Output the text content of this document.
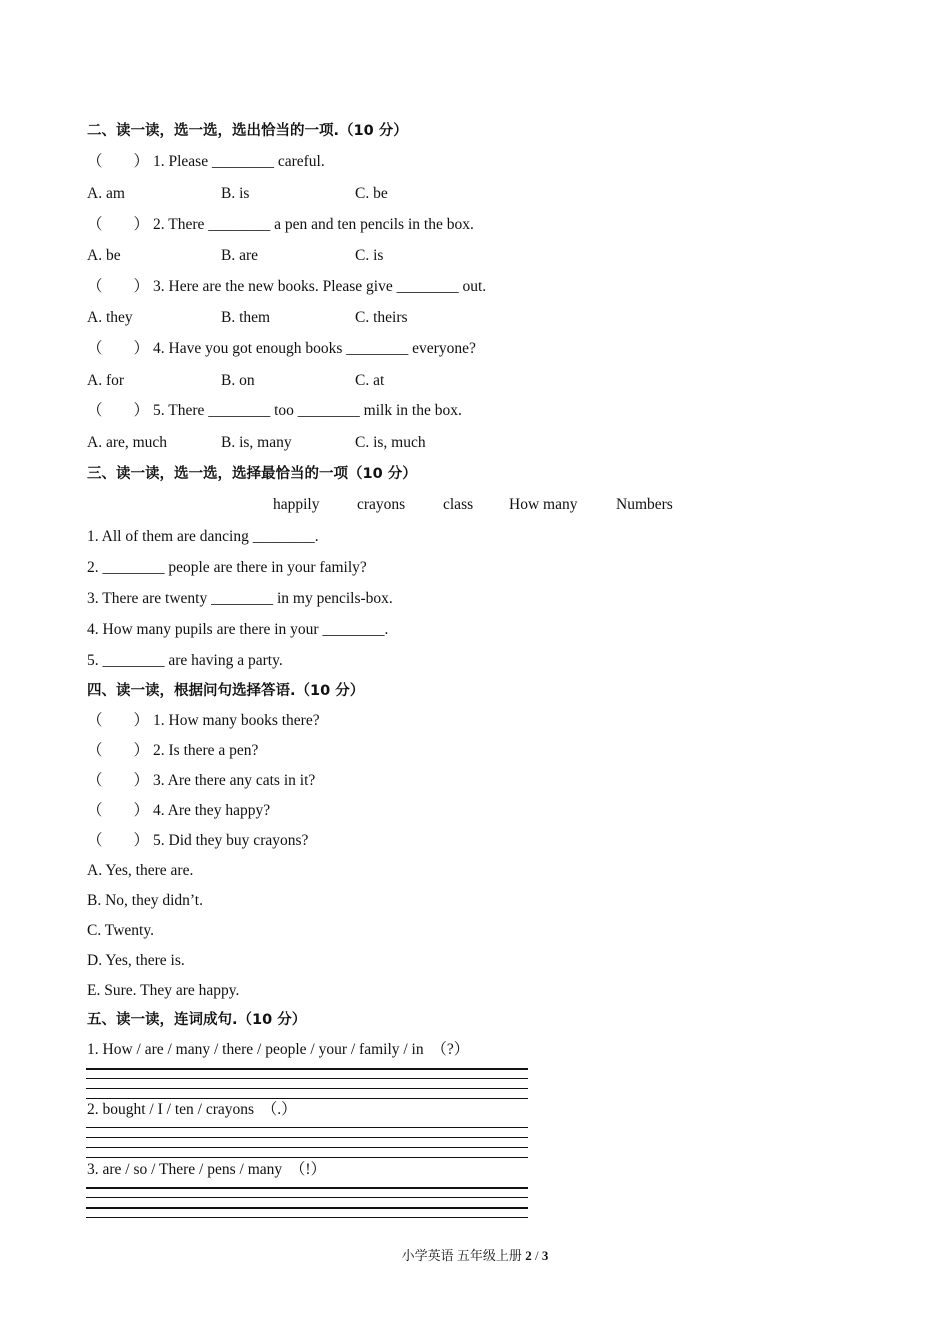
二、读一读，选一选，选出恰当的一项.（10 分）
（　　） 1. Please ________ careful.
A. am	B. is	C. be
（　　） 2. There ________ a pen and ten pencils in the box.
A. be	B. are	C. is
（　　） 3. Here are the new books. Please give ________ out.
A. they	B. them	C. theirs
（　　） 4. Have you got enough books ________ everyone?
A. for	B. on	C. at
（　　） 5. There ________ too ________ milk in the box.
A. are, much	B. is, many	C. is, much
三、读一读，选一选，选择最恰当的一项（10 分）
happily crayons class How many Numbers
1. All of them are dancing ________.
2. ________ people are there in your family?
3. There are twenty ________ in my pencils-box.
4. How many pupils are there in your ________.
5. ________ are having a party.
四、读一读，根据问句选择答语.（10 分）
（　　） 1. How many books there?
（　　） 2. Is there a pen?
（　　） 3. Are there any cats in it?
（　　） 4. Are they happy?
（　　） 5. Did they buy crayons?
A. Yes, there are.
B. No, they didn’t.
C. Twenty.
D. Yes, there is.
E. Sure. They are happy.
五、读一读，连词成句.（10 分）
1. How / are / many / there / people / your / family / in　（?）
2. bought / I / ten / crayons　（.）
3. are / so / There / pens / many　（!）
小学英语 五年级上册 2 / 3
